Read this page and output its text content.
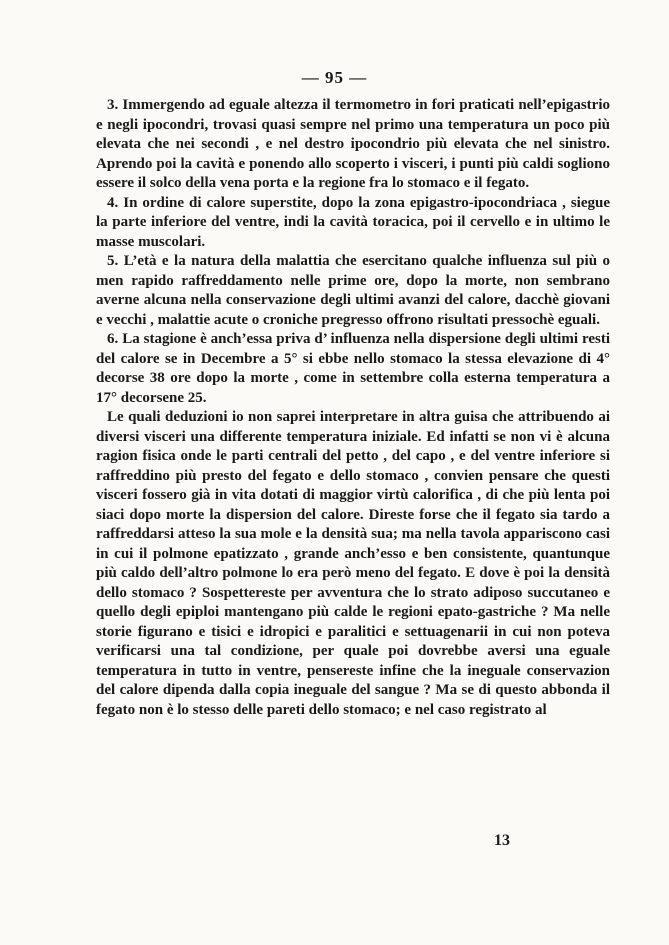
— 95 —

3. Immergendo ad eguale altezza il termometro in fori praticati nell’epigastrio e negli ipocondri, trovasi quasi sempre nel primo una temperatura un poco più elevata che nei secondi , e nel destro ipocondrio più elevata che nel sinistro. Aprendo poi la cavità e ponendo allo scoperto i visceri, i punti più caldi sogliono essere il solco della vena porta e la regione fra lo stomaco e il fegato.

4. In ordine di calore superstite, dopo la zona epigastro-ipocondriaca , siegue la parte inferiore del ventre, indi la cavità toracica, poi il cervello e in ultimo le masse muscolari.

5. L’età e la natura della malattia che esercitano qualche influenza sul più o men rapido raffreddamento nelle prime ore, dopo la morte, non sembrano averne alcuna nella conservazione degli ultimi avanzi del calore, dacchè giovani e vecchi , malattie acute o croniche pregresso offrono risultati pressochè eguali.

6. La stagione è anch’essa priva d’ influenza nella dispersione degli ultimi resti del calore se in Decembre a 5° si ebbe nello stomaco la stessa elevazione di 4° decorse 38 ore dopo la morte , come in settembre colla esterna temperatura a 17° decorsene 25.

Le quali deduzioni io non saprei interpretare in altra guisa che attribuendo ai diversi visceri una differente temperatura iniziale. Ed infatti se non vi è alcuna ragion fisica onde le parti centrali del petto , del capo , e del ventre inferiore si raffreddino più presto del fegato e dello stomaco , convien pensare che questi visceri fossero già in vita dotati di maggior virtù calorifica , di che più lenta poi siaci dopo morte la dispersion del calore. Direste forse che il fegato sia tardo a raffreddarsi atteso la sua mole e la densità sua; ma nella tavola appariscono casi in cui il polmone epatizzato , grande anch’esso e ben consistente, quantunque più caldo dell’altro polmone lo era però meno del fegato. E dove è poi la densità dello stomaco ? Sospettereste per avventura che lo strato adiposo succutaneo e quello degli epiploi mantengano più calde le regioni epato-gastriche ? Ma nelle storie figurano e tisici e idropici e paralitici e settuagenarii in cui non poteva verificarsi una tal condizione, per quale poi dovrebbe aversi una eguale temperatura in tutto in ventre, pensereste infine che la ineguale conservazion del calore dipenda dalla copia ineguale del sangue ? Ma se di questo abbonda il fegato non è lo stesso delle pareti dello stomaco; e nel caso registrato al

13
